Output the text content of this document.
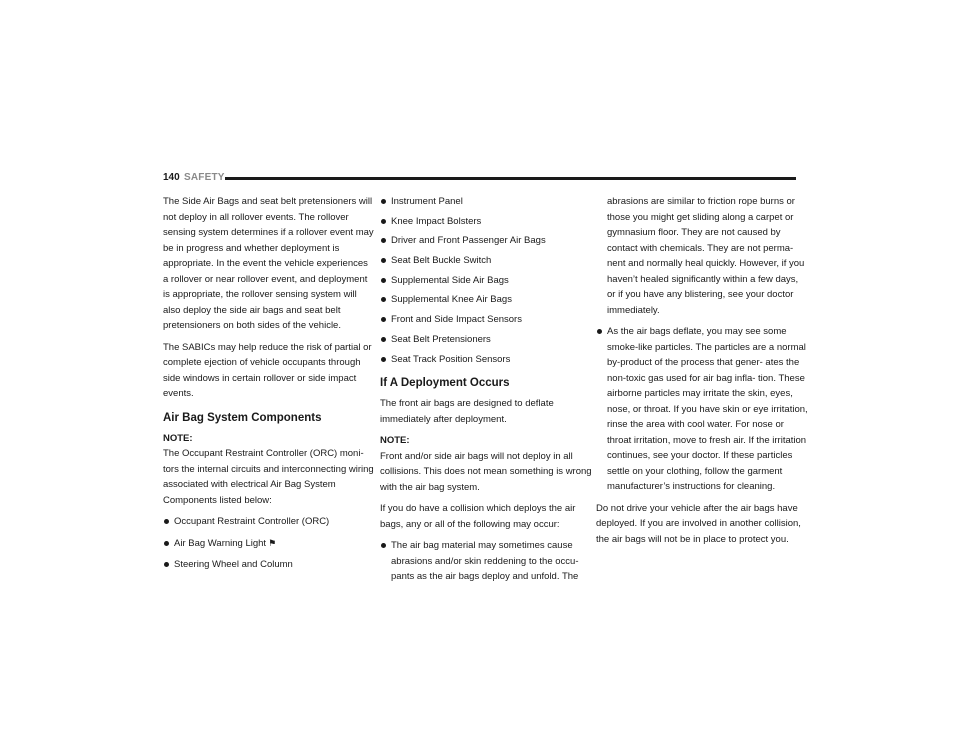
140 SAFETY

The Side Air Bags and seat belt pretensioners will not deploy in all rollover events. The rollover sensing system determines if a rollover event may be in progress and whether deployment is appropriate. In the event the vehicle experiences a rollover or near rollover event, and deployment is appropriate, the rollover sensing system will also deploy the side air bags and seat belt pretensioners on both sides of the vehicle.

The SABICs may help reduce the risk of partial or complete ejection of vehicle occupants through side windows in certain rollover or side impact events.

Air Bag System Components

NOTE:
The Occupant Restraint Controller (ORC) moni- tors the internal circuits and interconnecting wiring associated with electrical Air Bag System Components listed below:

Occupant Restraint Controller (ORC)
Air Bag Warning Light ⚑
Steering Wheel and Column
Instrument Panel
Knee Impact Bolsters
Driver and Front Passenger Air Bags
Seat Belt Buckle Switch
Supplemental Side Air Bags
Supplemental Knee Air Bags
Front and Side Impact Sensors
Seat Belt Pretensioners
Seat Track Position Sensors
If A Deployment Occurs

The front air bags are designed to deflate immediately after deployment.

NOTE:
Front and/or side air bags will not deploy in all collisions. This does not mean something is wrong with the air bag system.

If you do have a collision which deploys the air bags, any or all of the following may occur:

The air bag material may sometimes cause abrasions and/or skin reddening to the occu- pants as the air bags deploy and unfold. The
abrasions are similar to friction rope burns or those you might get sliding along a carpet or gymnasium floor. They are not caused by contact with chemicals. They are not perma- nent and normally heal quickly. However, if you haven’t healed significantly within a few days, or if you have any blistering, see your doctor immediately.
As the air bags deflate, you may see some smoke-like particles. The particles are a normal by-product of the process that gener- ates the non-toxic gas used for air bag infla- tion. These airborne particles may irritate the skin, eyes, nose, or throat. If you have skin or eye irritation, rinse the area with cool water. For nose or throat irritation, move to fresh air. If the irritation continues, see your doctor. If these particles settle on your clothing, follow the garment manufacturer’s instructions for cleaning.

Do not drive your vehicle after the air bags have deployed. If you are involved in another collision, the air bags will not be in place to protect you.
